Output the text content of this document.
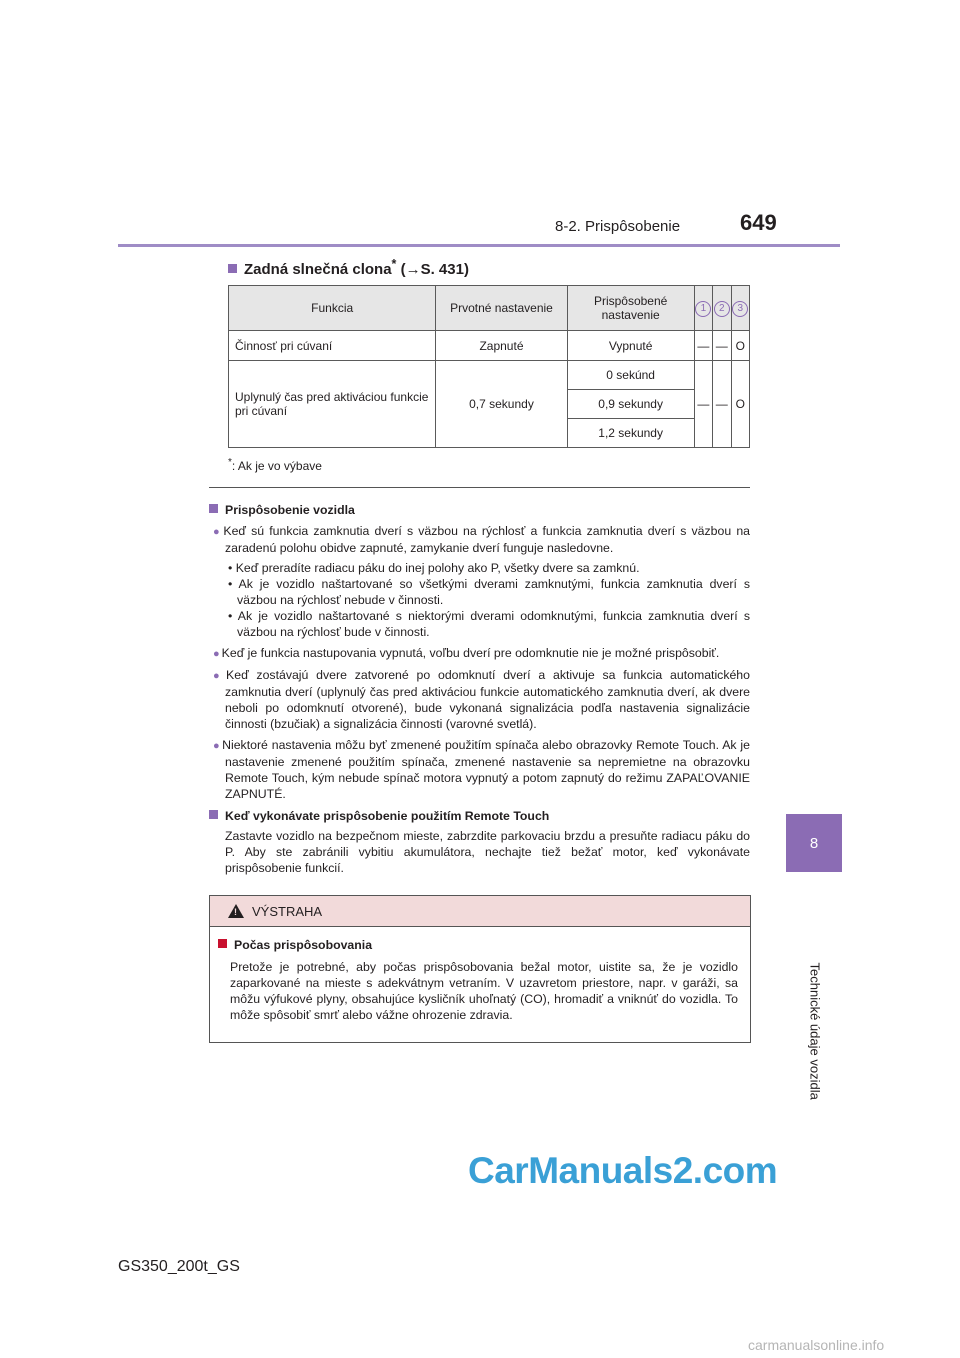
8-2. Prispôsobenie	649
8
Technické údaje vozidla
Zadná slnečná clona* (→S. 431)
Funkcia	Prvotné nastavenie	Prispôsobené nastavenie	1	2	3
Činnosť pri cúvaní	Zapnuté	Vypnuté	—	—	O
Uplynulý čas pred aktiváciou funkcie pri cúvaní	0,7 sekundy	0 sekúnd	—	—	O
		0,9 sekundy			
		1,2 sekundy			
*: Ak je vo výbave

Prispôsobenie vozidla

● Keď sú funkcia zamknutia dverí s väzbou na rýchlosť a funkcia zamknutia dverí s väzbou na zaradenú polohu obidve zapnuté, zamykanie dverí funguje nasledovne.

• Keď preradíte radiacu páku do inej polohy ako P, všetky dvere sa zamknú.

• Ak je vozidlo naštartované so všetkými dverami zamknutými, funkcia zamknutia dverí s väzbou na rýchlosť nebude v činnosti.

• Ak je vozidlo naštartované s niektorými dverami odomknutými, funkcia zamknutia dverí s väzbou na rýchlosť bude v činnosti.

● Keď je funkcia nastupovania vypnutá, voľbu dverí pre odomknutie nie je možné prispôsobiť.

● Keď zostávajú dvere zatvorené po odomknutí dverí a aktivuje sa funkcia automatického zamknutia dverí (uplynulý čas pred aktiváciou funkcie automatického zamknutia dverí, ak dvere neboli po odomknutí otvorené), bude vykonaná signalizácia podľa nastavenia signalizácie činnosti (bzučiak) a signalizácia činnosti (varovné svetlá).

● Niektoré nastavenia môžu byť zmenené použitím spínača alebo obrazovky Remote Touch. Ak je nastavenie zmenené použitím spínača, zmenené nastavenie sa nepremietne na obrazovku Remote Touch, kým nebude spínač motora vypnutý a potom zapnutý do režimu ZAPAĽOVANIE ZAPNUTÉ.

Keď vykonávate prispôsobenie použitím Remote Touch

Zastavte vozidlo na bezpečnom mieste, zabrzdite parkovaciu brzdu a presuňte radiacu páku do P. Aby ste zabránili vybitiu akumulátora, nechajte tiež bežať motor, keď vykonávate prispôsobenie funkcií.

! VÝSTRAHA

Počas prispôsobovania

Pretože je potrebné, aby počas prispôsobovania bežal motor, uistite sa, že je vozidlo zaparkované na mieste s adekvátnym vetraním. V uzavretom priestore, napr. v garáži, sa môžu výfukové plyny, obsahujúce kysličník uhoľnatý (CO), hromadiť a vniknúť do vozidla. To môže spôsobiť smrť alebo vážne ohrozenie zdravia.

CarManuals2.com
GS350_200t_GS
carmanualsonline.info
